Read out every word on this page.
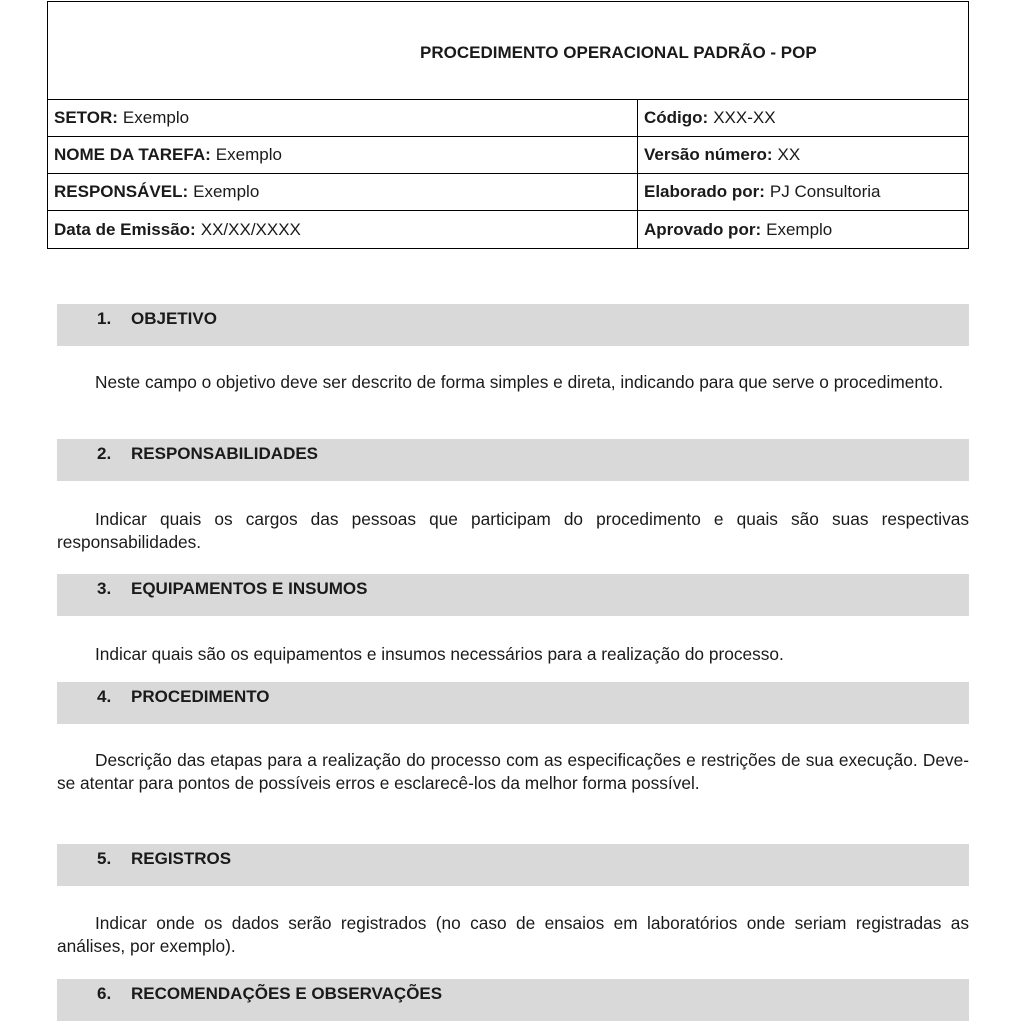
PROCEDIMENTO OPERACIONAL PADRÃO - POP
SETOR: Exemplo	Código: XXX-XX
NOME DA TAREFA: Exemplo	Versão número: XX
RESPONSÁVEL: Exemplo	Elaborado por: PJ Consultoria
Data de Emissão: XX/XX/XXXX	Aprovado por: Exemplo
1. OBJETIVO
Neste campo o objetivo deve ser descrito de forma simples e direta, indicando para que serve o procedimento.
2. RESPONSABILIDADES
Indicar quais os cargos das pessoas que participam do procedimento e quais são suas respectivas responsabilidades.
3. EQUIPAMENTOS E INSUMOS
Indicar quais são os equipamentos e insumos necessários para a realização do processo.
4. PROCEDIMENTO
Descrição das etapas para a realização do processo com as especificações e restrições de sua execução. Deve-se atentar para pontos de possíveis erros e esclarecê-los da melhor forma possível.
5. REGISTROS
Indicar onde os dados serão registrados (no caso de ensaios em laboratórios onde seriam registradas as análises, por exemplo).
6. RECOMENDAÇÕES E OBSERVAÇÕES
